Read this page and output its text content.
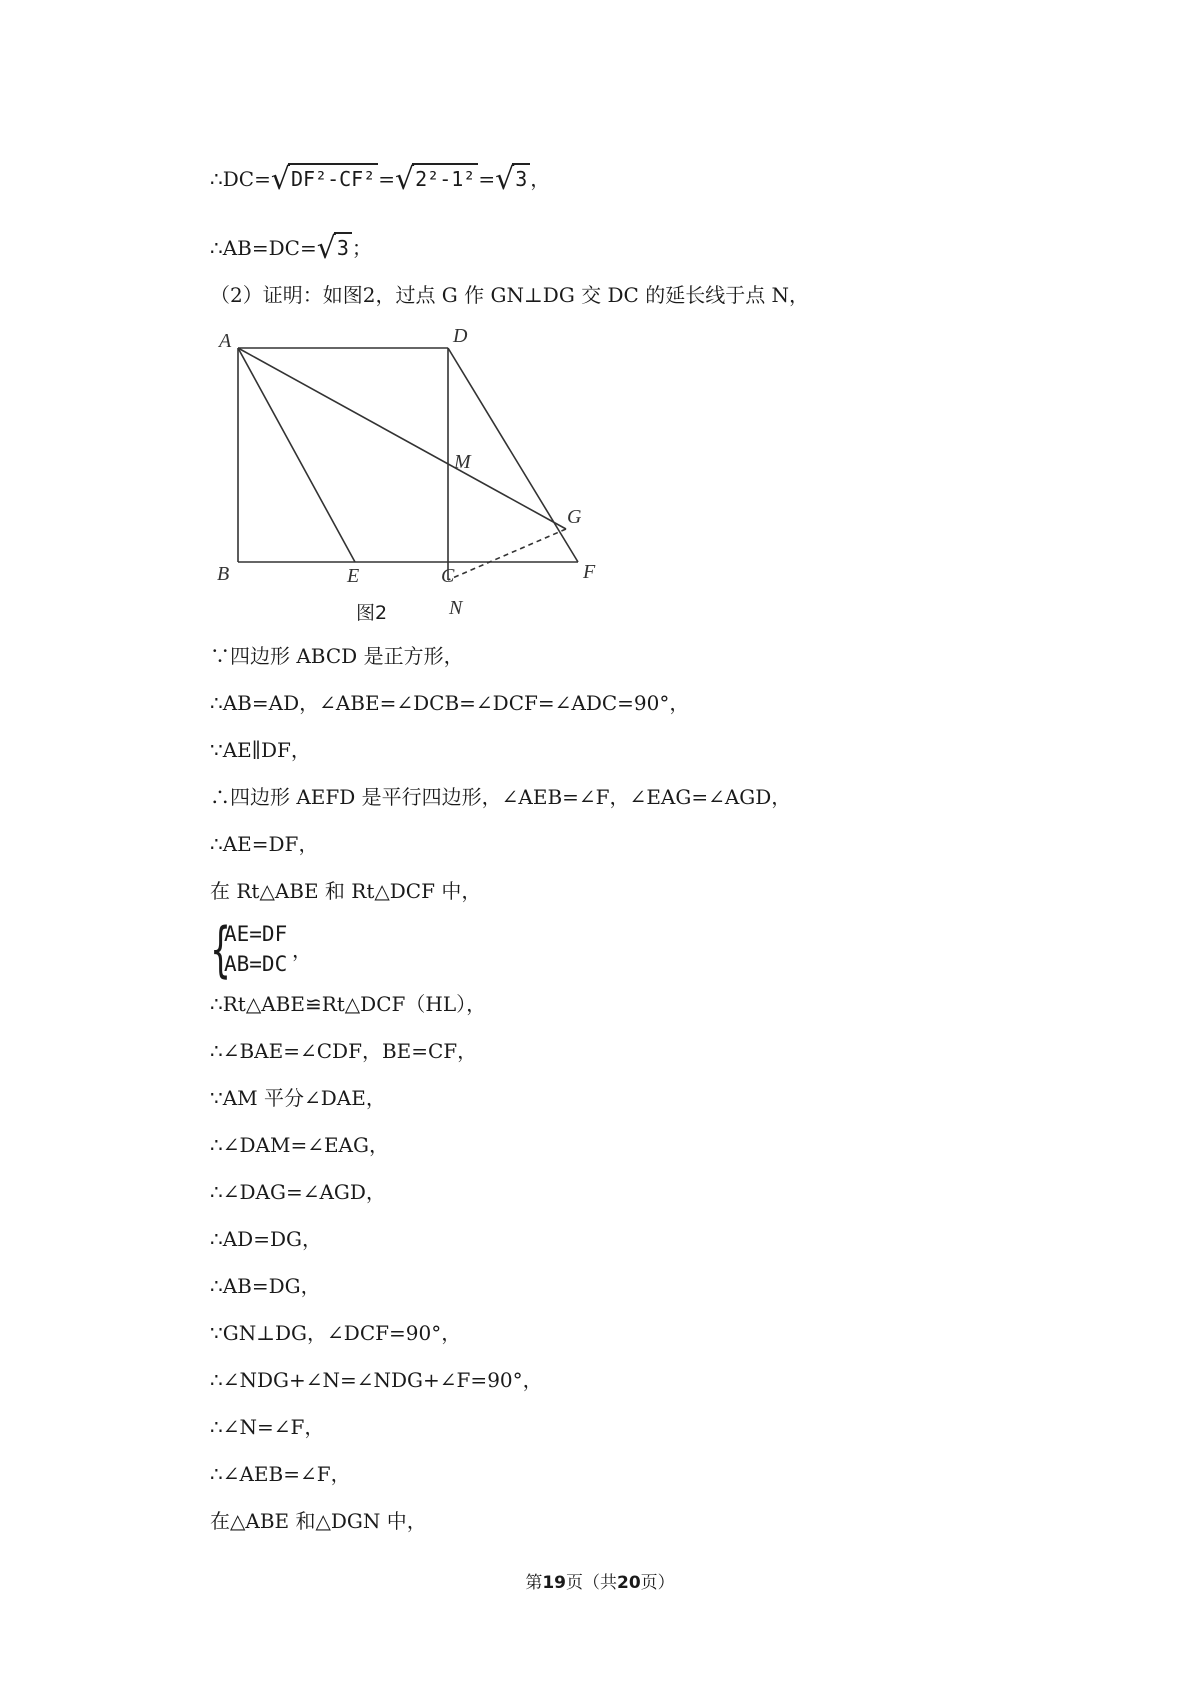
∴DC=√DF²-CF² =√2²-1² =√3 ，
∴AB=DC=√3 ；
（2）证明：如图2，过点 G 作 GN⊥DG 交 DC 的延长线于点 N，
A	D
M
G
B	E	C	F
N
图2
∵四边形 ABCD 是正方形，
∴AB=AD，∠ABE=∠DCB=∠DCF=∠ADC=90°，
∵AE∥DF，
∴四边形 AEFD 是平行四边形，∠AEB=∠F，∠EAG=∠AGD，
∴AE=DF，
在 Rt△ABE 和 Rt△DCF 中，
{
AE=DF
AB=DC
，
∴Rt△ABE≌Rt△DCF（HL），
∴∠BAE=∠CDF，BE=CF，
∵AM 平分∠DAE，
∴∠DAM=∠EAG，
∴∠DAG=∠AGD，
∴AD=DG，
∴AB=DG，
∵GN⊥DG，∠DCF=90°，
∴∠NDG+∠N=∠NDG+∠F=90°，
∴∠N=∠F，
∴∠AEB=∠F，
在△ABE 和△DGN 中，
第19页（共20页）
